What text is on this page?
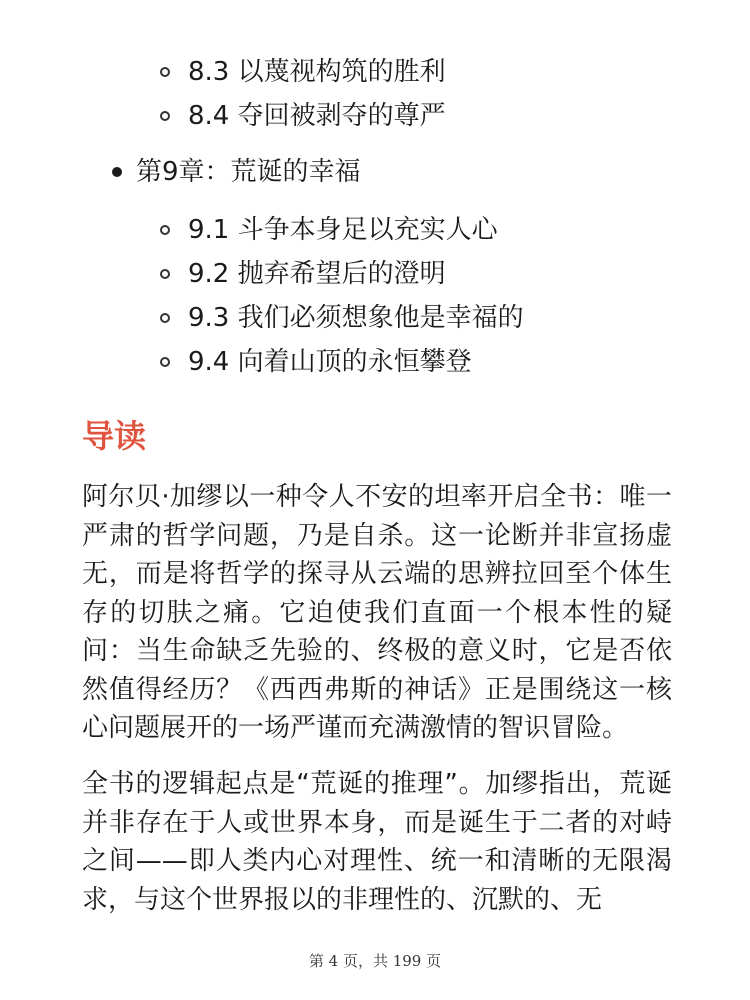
8.3 以蔑视构筑的胜利
8.4 夺回被剥夺的尊严
第9章：荒诞的幸福
9.1 斗争本身足以充实人心
9.2 抛弃希望后的澄明
9.3 我们必须想象他是幸福的
9.4 向着山顶的永恒攀登
导读

阿尔贝·加缪以一种令人不安的坦率开启全书：唯一严肃的哲学问题，乃是自杀。这一论断并非宣扬虚无，而是将哲学的探寻从云端的思辨拉回至个体生存的切肤之痛。它迫使我们直面一个根本性的疑问：当生命缺乏先验的、终极的意义时，它是否依然值得经历？《西西弗斯的神话》正是围绕这一核心问题展开的一场严谨而充满激情的智识冒险。

全书的逻辑起点是“荒诞的推理”。加缪指出，荒诞并非存在于人或世界本身，而是诞生于二者的对峙之间——即人类内心对理性、统一和清晰的无限渴求，与这个世界报以的非理性的、沉默的、无

第 4 页，共 199 页
